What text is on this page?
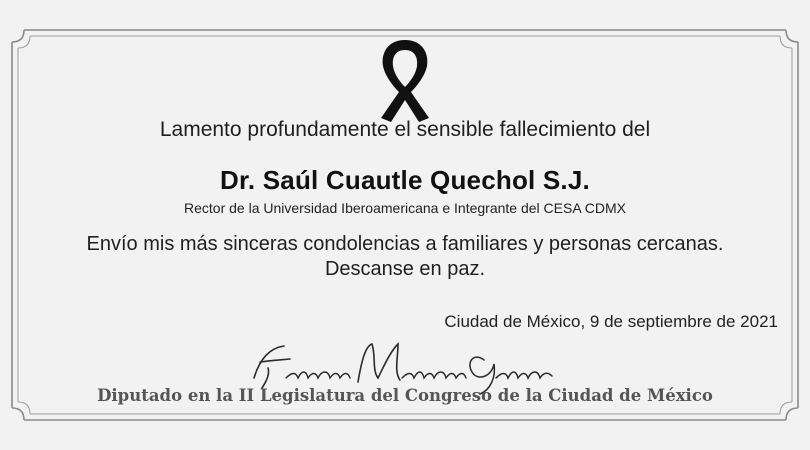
Lamento profundamente el sensible fallecimiento del
Dr. Saúl Cuautle Quechol S.J.
Rector de la Universidad Iberoamericana e Integrante del CESA CDMX
Envío mis más sinceras condolencias a familiares y personas cercanas.
Descanse en paz.
Ciudad de México, 9 de septiembre de 2021
Diputado en la II Legislatura del Congreso de la Ciudad de México
